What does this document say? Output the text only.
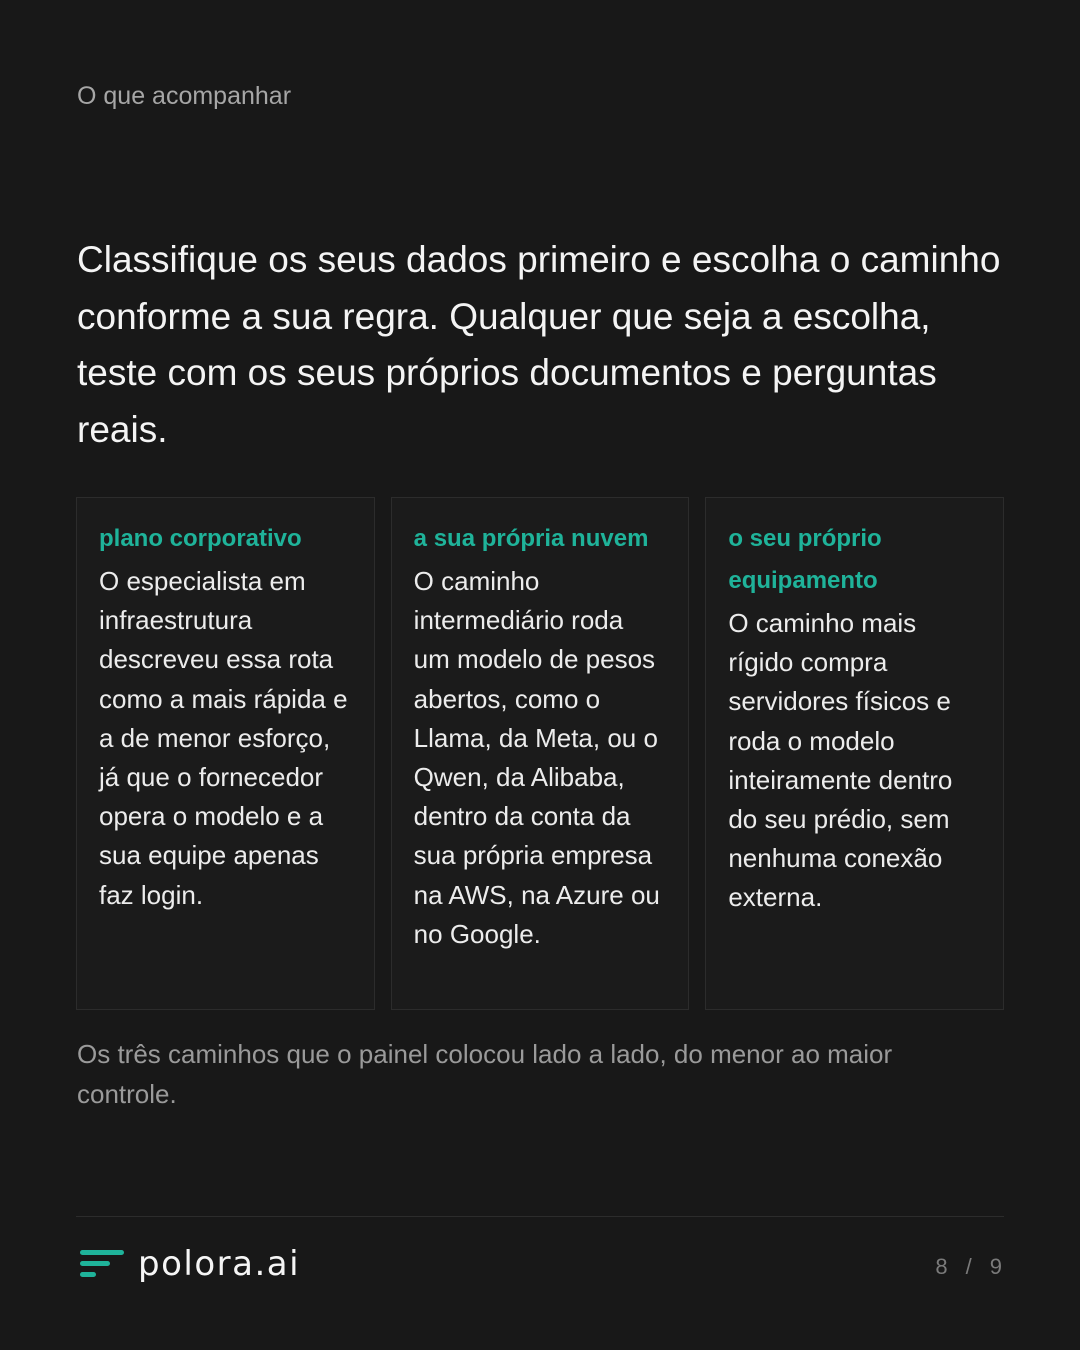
O que acompanhar

Classifique os seus dados primeiro e escolha o caminho conforme a sua regra. Qualquer que seja a escolha, teste com os seus próprios documentos e perguntas reais.

plano corporativo

O especialista em infraestrutura descreveu essa rota como a mais rápida e a de menor esforço, já que o fornecedor opera o modelo e a sua equipe apenas faz login.

a sua própria nuvem

O caminho intermediário roda um modelo de pesos abertos, como o Llama, da Meta, ou o Qwen, da Alibaba, dentro da conta da sua própria empresa na AWS, na Azure ou no Google.

o seu próprio equipamento

O caminho mais rígido compra servidores físicos e roda o modelo inteiramente dentro do seu prédio, sem nenhuma conexão externa.

Os três caminhos que o painel colocou lado a lado, do menor ao maior controle.

polora.ai	8 / 9
